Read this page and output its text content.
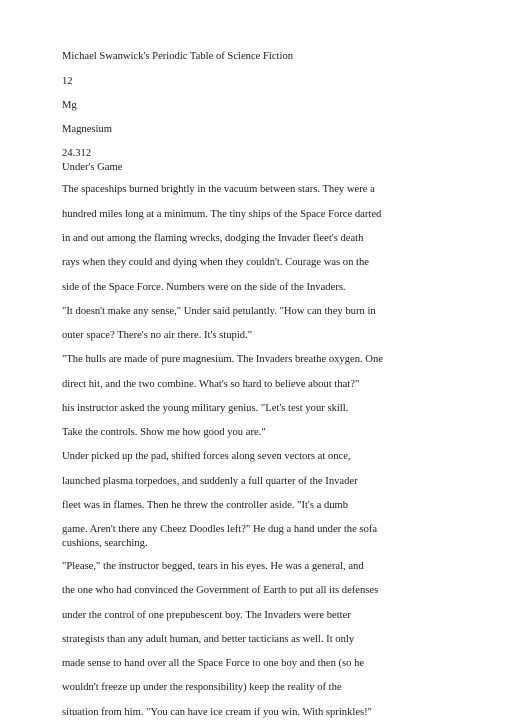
Michael Swanwick's Periodic Table of Science Fiction

12

Mg

Magnesium

24.312

Under's Game

The spaceships burned brightly in the vacuum between stars. They were a

hundred miles long at a minimum. The tiny ships of the Space Force darted

in and out among the flaming wrecks, dodging the Invader fleet's death

rays when they could and dying when they couldn't. Courage was on the

side of the Space Force. Numbers were on the side of the Invaders.

"It doesn't make any sense," Under said petulantly. "How can they burn in

outer space? There's no air there. It's stupid."

"The hulls are made of pure magnesium. The Invaders breathe oxygen. One

direct hit, and the two combine. What's so hard to believe about that?"

his instructor asked the young military genius. "Let's test your skill.

Take the controls. Show me how good you are."

Under picked up the pad, shifted forces along seven vectors at once,

launched plasma torpedoes, and suddenly a full quarter of the Invader

fleet was in flames. Then he threw the controller aside. "It's a dumb

game. Aren't there any Cheez Doodles left?" He dug a hand under the sofa

cushions, searching.

"Please," the instructor begged, tears in his eyes. He was a general, and

the one who had convinced the Government of Earth to put all its defenses

under the control of one prepubescent boy. The Invaders were better

strategists than any adult human, and better tacticians as well. It only

made sense to hand over all the Space Force to one boy and then (so he

wouldn't freeze up under the responsibility) keep the reality of the

situation from him. "You can have ice cream if you win. With sprinkles!"
